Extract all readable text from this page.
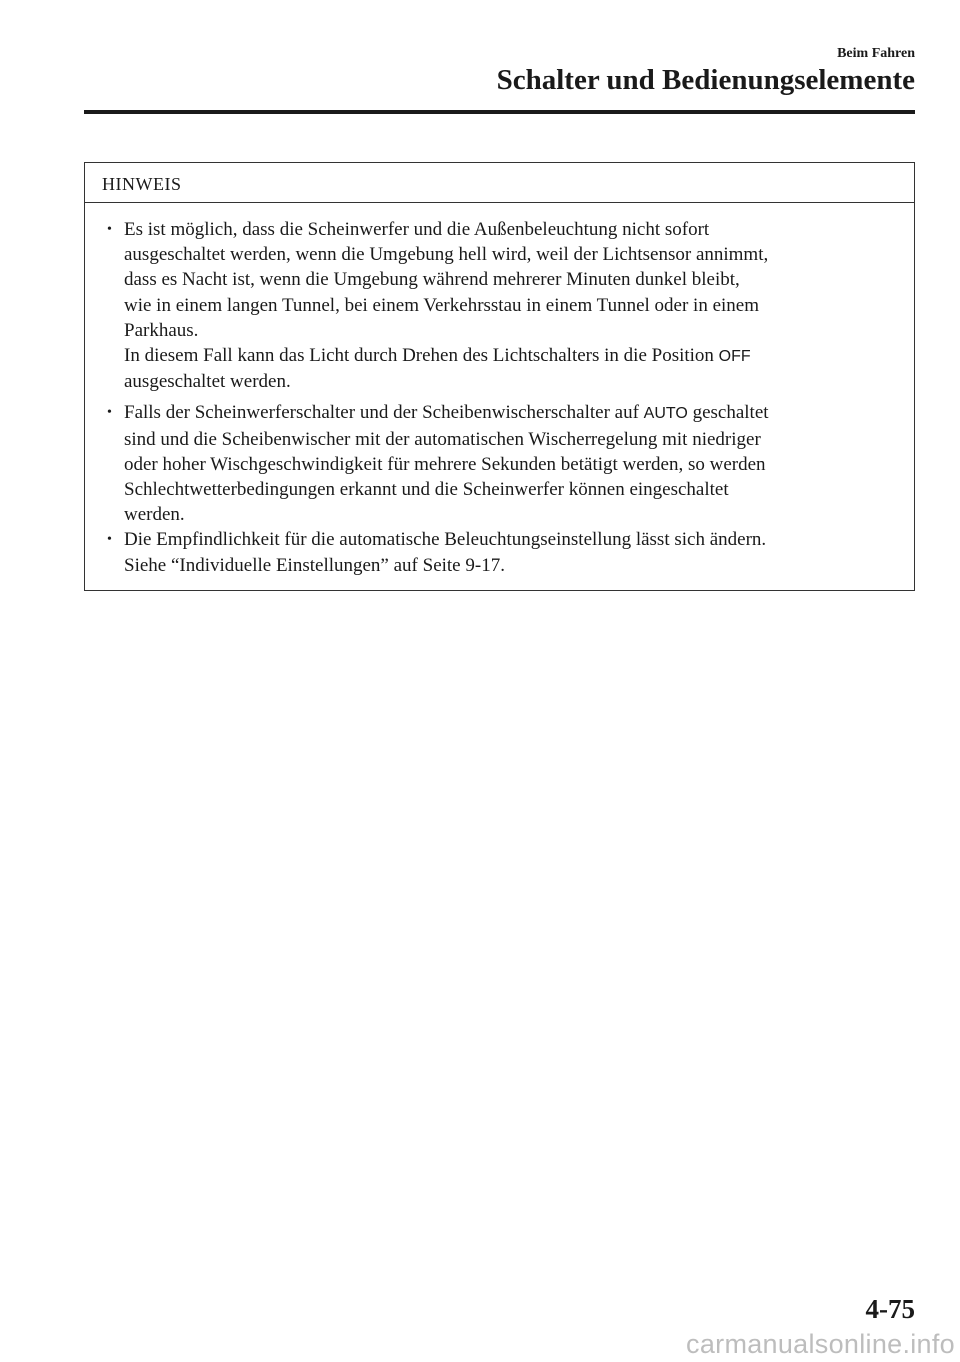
Beim Fahren
Schalter und Bedienungselemente
HINWEIS
• Es ist möglich, dass die Scheinwerfer und die Außenbeleuchtung nicht sofort
ausgeschaltet werden, wenn die Umgebung hell wird, weil der Lichtsensor annimmt,
dass es Nacht ist, wenn die Umgebung während mehrerer Minuten dunkel bleibt,
wie in einem langen Tunnel, bei einem Verkehrsstau in einem Tunnel oder in einem
Parkhaus.
In diesem Fall kann das Licht durch Drehen des Lichtschalters in die Position OFF
ausgeschaltet werden.
• Falls der Scheinwerferschalter und der Scheibenwischerschalter auf AUTO geschaltet
sind und die Scheibenwischer mit der automatischen Wischerregelung mit niedriger
oder hoher Wischgeschwindigkeit für mehrere Sekunden betätigt werden, so werden
Schlechtwetterbedingungen erkannt und die Scheinwerfer können eingeschaltet
werden.
• Die Empfindlichkeit für die automatische Beleuchtungseinstellung lässt sich ändern.
Siehe “Individuelle Einstellungen” auf Seite 9-17.
4-75
carmanualsonline.info
